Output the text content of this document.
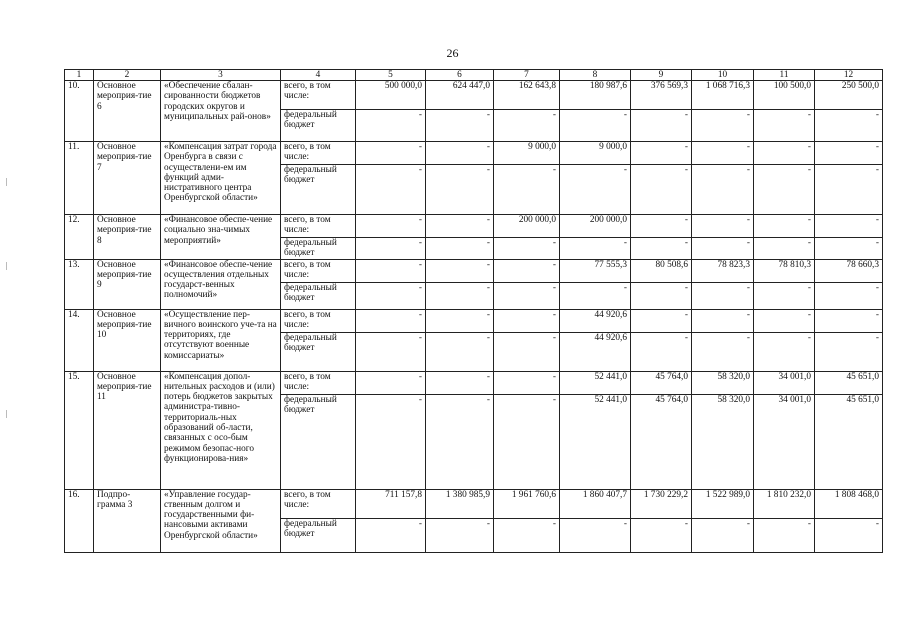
26
1	2	3	4	5	6	7	8	9	10	11	12
10.	Основное мероприя-тие 6	«Обеспечение сбалан-сированности бюджетов городских округов и муниципальных рай-онов»	всего, в том числе:	500 000,0	624 447,0	162 643,8	180 987,6	376 569,3	1 068 716,3	100 500,0	250 500,0
			федеральный бюджет	-	-	-	-	-	-	-	-
11.	Основное мероприя-тие 7	«Компенсация затрат города Оренбурга в связи с осуществлени-ем им функций адми-нистративного центра Оренбургской области»	всего, в том числе:	-	-	9 000,0	9 000,0	-	-	-	-
			федеральный бюджет	-	-	-	-	-	-	-	-
12.	Основное мероприя-тие 8	«Финансовое обеспе-чение социально зна-чимых мероприятий»	всего, в том числе:	-	-	200 000,0	200 000,0	-	-	-	-
			федеральный бюджет	-	-	-	-	-	-	-	-
13.	Основное мероприя-тие 9	«Финансовое обеспе-чение осуществления отдельных государст-венных полномочий»	всего, в том числе:	-	-	-	77 555,3	80 508,6	78 823,3	78 810,3	78 660,3
			федеральный бюджет	-	-	-	-	-	-	-	-
14.	Основное мероприя-тие 10	«Осуществление пер-вичного воинского уче-та на территориях, где отсутствуют военные комиссариаты»	всего, в том числе:	-	-	-	44 920,6	-	-	-	-
			федеральный бюджет	-	-	-	44 920,6	-	-	-	-
15.	Основное мероприя-тие 11	«Компенсация допол-нительных расходов и (или) потерь бюджетов закрытых администра-тивно-территориаль-ных образований об-ласти, связанных с осо-бым режимом безопас-ного функционирова-ния»	всего, в том числе:	-	-	-	52 441,0	45 764,0	58 320,0	34 001,0	45 651,0
			федеральный бюджет	-	-	-	52 441,0	45 764,0	58 320,0	34 001,0	45 651,0
16.	Подпро-грамма 3	«Управление государ-ственным долгом и государственными фи-нансовыми активами Оренбургской области»	всего, в том числе:	711 157,8	1 380 985,9	1 961 760,6	1 860 407,7	1 730 229,2	1 522 989,0	1 810 232,0	1 808 468,0
			федеральный бюджет	-	-	-	-	-	-	-	-
